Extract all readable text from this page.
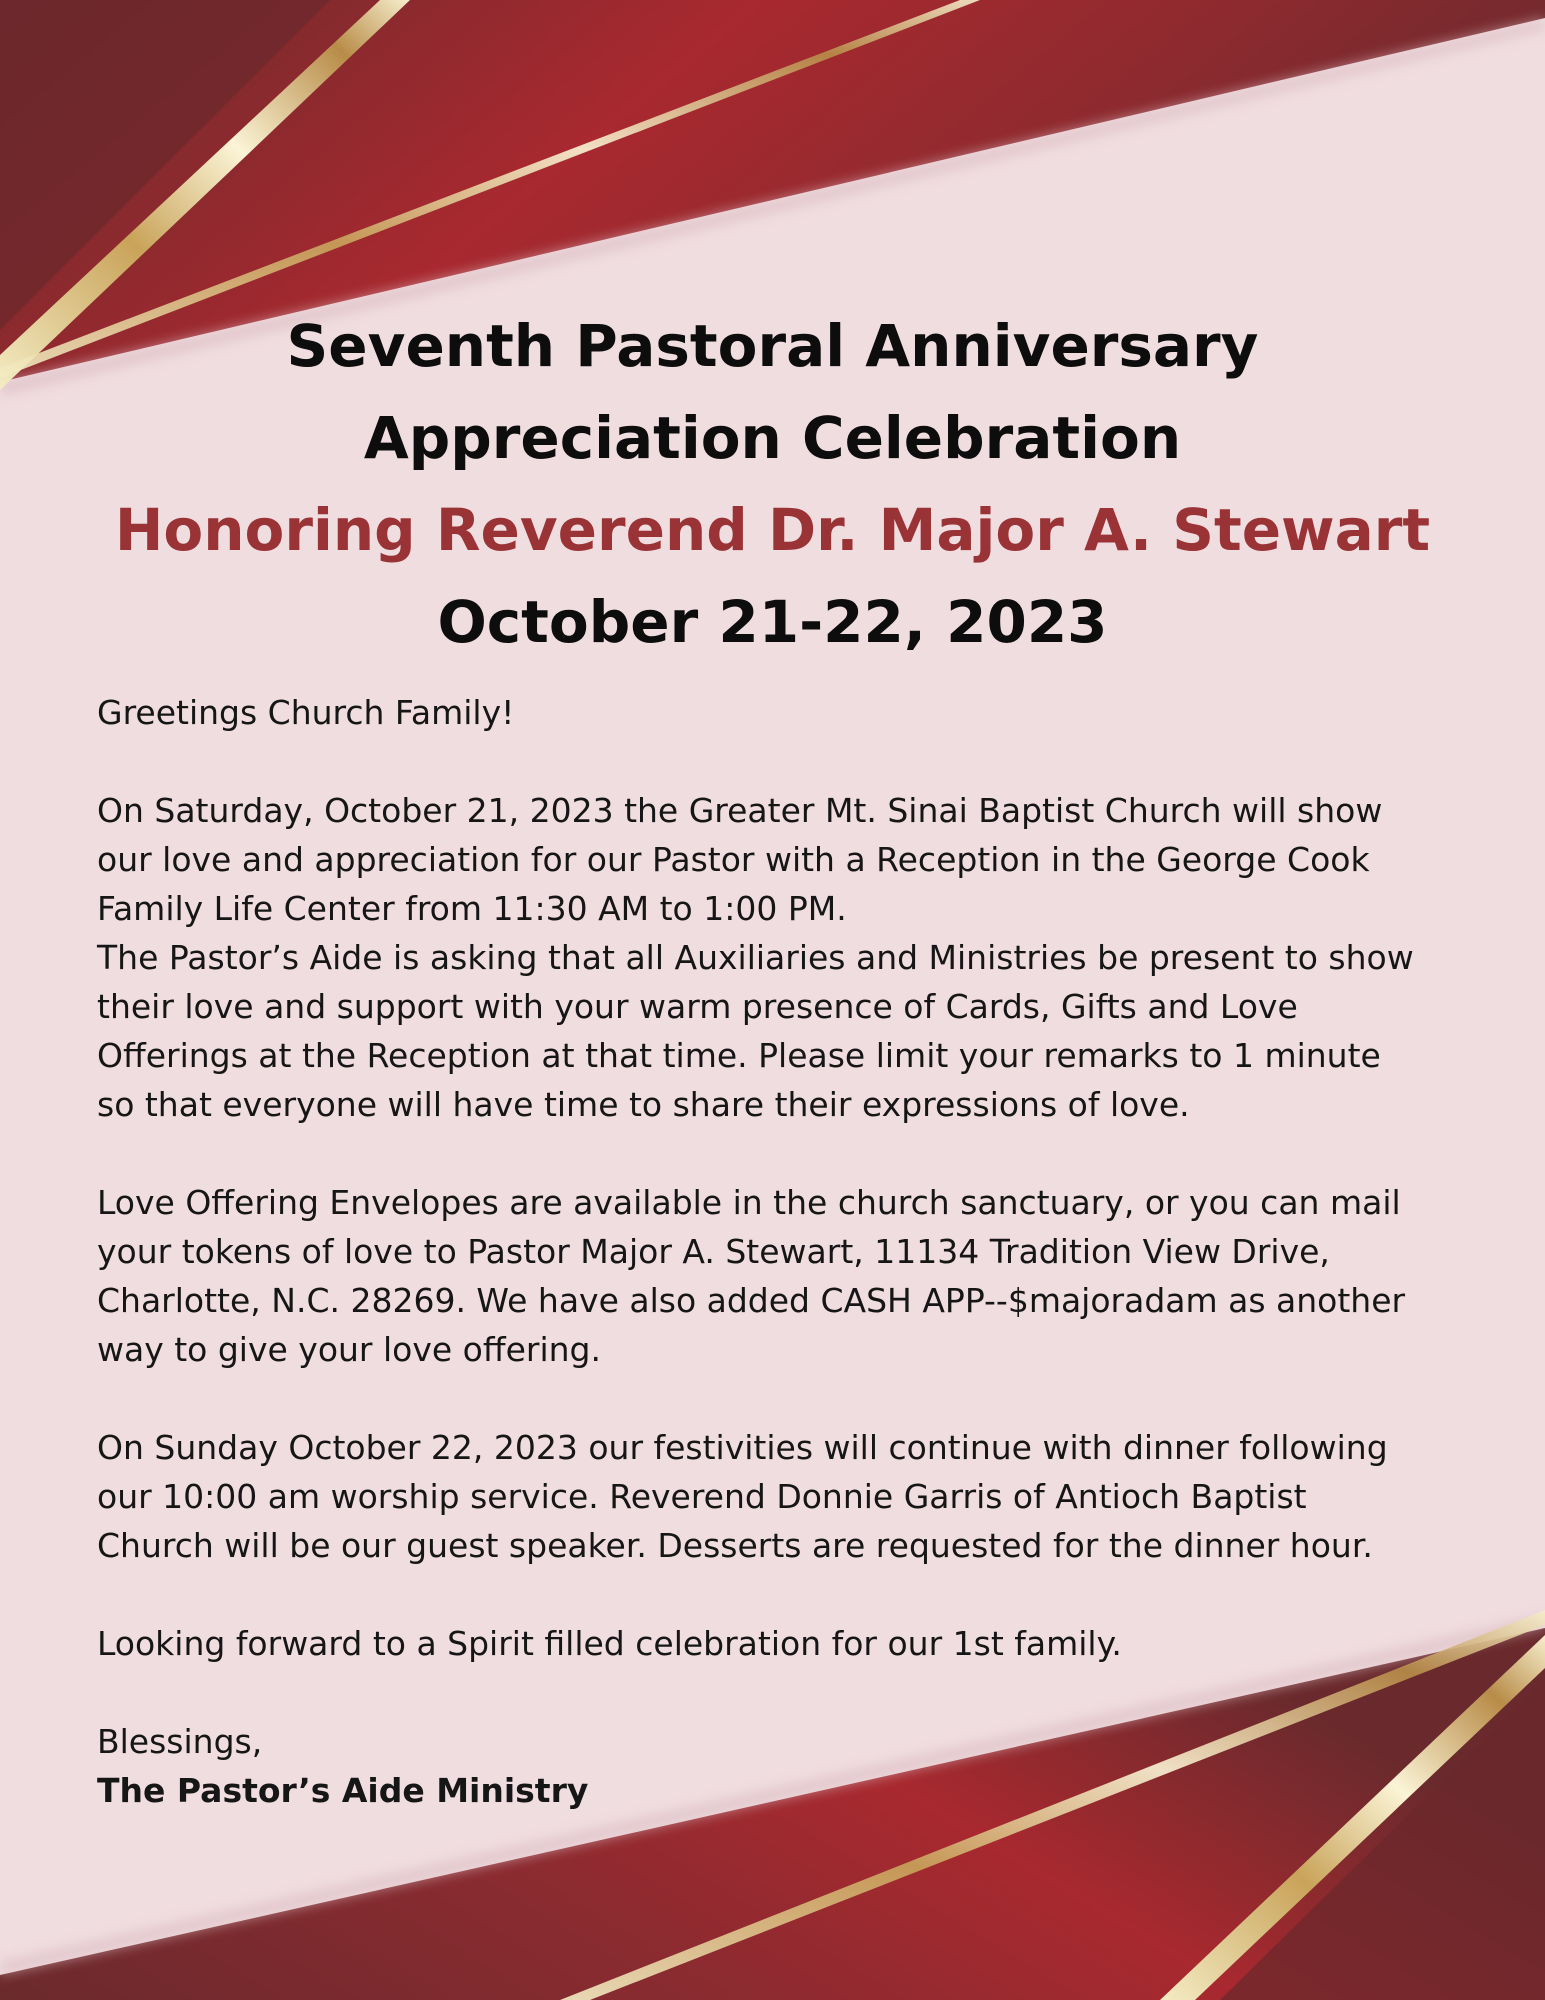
Seventh Pastoral Anniversary

Appreciation Celebration

Honoring Reverend Dr. Major A. Stewart

October 21-22, 2023

Greetings Church Family!

On Saturday, October 21, 2023 the Greater Mt. Sinai Baptist Church will show

our love and appreciation for our Pastor with a Reception in the George Cook

Family Life Center from 11:30 AM to 1:00 PM.

The Pastor’s Aide is asking that all Auxiliaries and Ministries be present to show

their love and support with your warm presence of Cards, Gifts and Love

Offerings at the Reception at that time. Please limit your remarks to 1 minute

so that everyone will have time to share their expressions of love.

Love Offering Envelopes are available in the church sanctuary, or you can mail

your tokens of love to Pastor Major A. Stewart, 11134 Tradition View Drive,

Charlotte, N.C. 28269. We have also added CASH APP--$majoradam as another

way to give your love offering.

On Sunday October 22, 2023 our festivities will continue with dinner following

our 10:00 am worship service. Reverend Donnie Garris of Antioch Baptist

Church will be our guest speaker. Desserts are requested for the dinner hour.

Looking forward to a Spirit filled celebration for our 1st family.

Blessings,

The Pastor’s Aide Ministry
